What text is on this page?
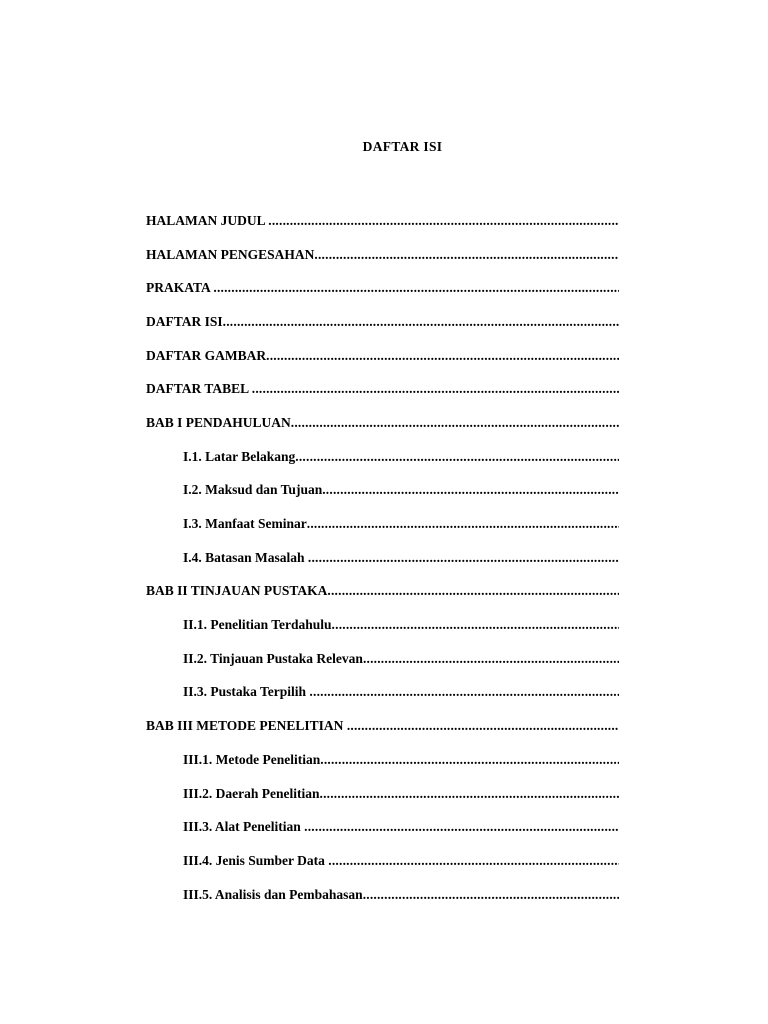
DAFTAR ISI
HALAMAN JUDUL
.....
HALAMAN PENGESAHAN
.....
PRAKATA
.....
DAFTAR ISI
.....
DAFTAR GAMBAR
.....
DAFTAR TABEL
.....
BAB I PENDAHULUAN
.....
I.1. Latar Belakang
.....
I.2. Maksud dan Tujuan
.....
I.3. Manfaat Seminar
.....
I.4. Batasan Masalah
.....
BAB II TINJAUAN PUSTAKA
.....
II.1. Penelitian Terdahulu
.....
II.2. Tinjauan Pustaka Relevan
.....
II.3. Pustaka Terpilih
.....
BAB III METODE PENELITIAN
.....
III.1. Metode Penelitian
.....
III.2. Daerah Penelitian
.....
III.3. Alat Penelitian
.....
III.4. Jenis Sumber Data
.....
III.5. Analisis dan Pembahasan
.....
